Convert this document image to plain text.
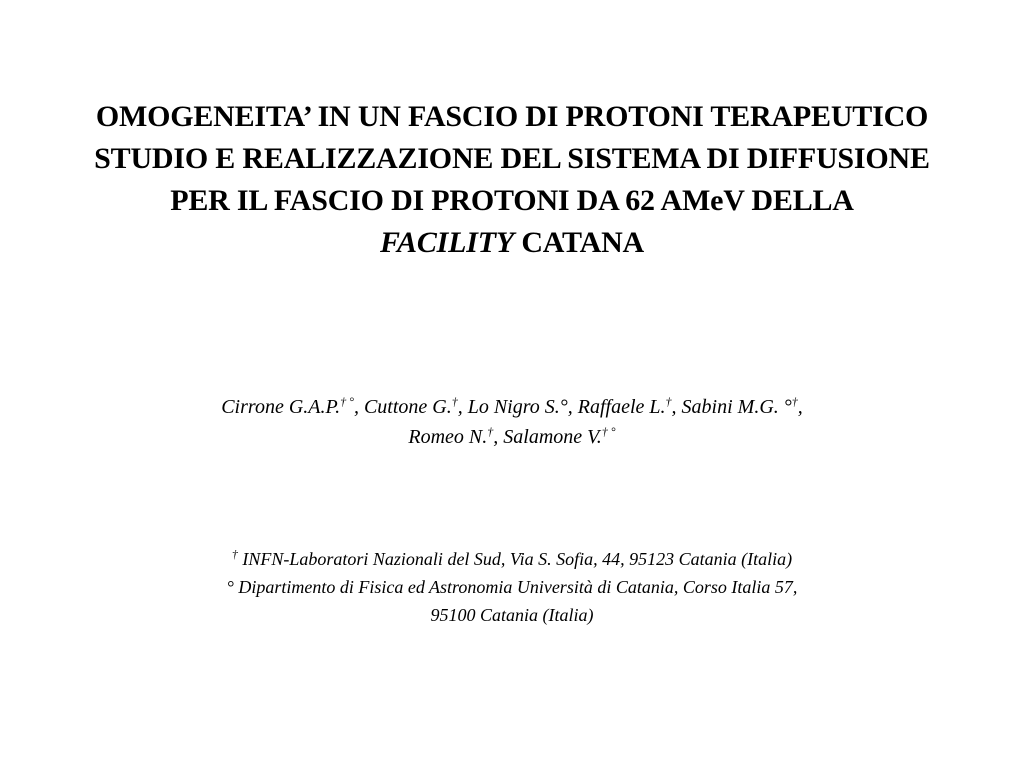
OMOGENEITA’ IN UN FASCIO DI PROTONI TERAPEUTICO
STUDIO E REALIZZAZIONE DEL SISTEMA DI DIFFUSIONE
PER IL FASCIO DI PROTONI DA 62 AMeV DELLA
FACILITY CATANA
Cirrone G.A.P.† °, Cuttone G.†, Lo Nigro S.°, Raffaele L.†, Sabini M.G. °†,
Romeo N.†, Salamone V.† °
† INFN-Laboratori Nazionali del Sud, Via S. Sofia, 44, 95123 Catania (Italia)
° Dipartimento di Fisica ed Astronomia Università di Catania, Corso Italia 57,
95100 Catania (Italia)
